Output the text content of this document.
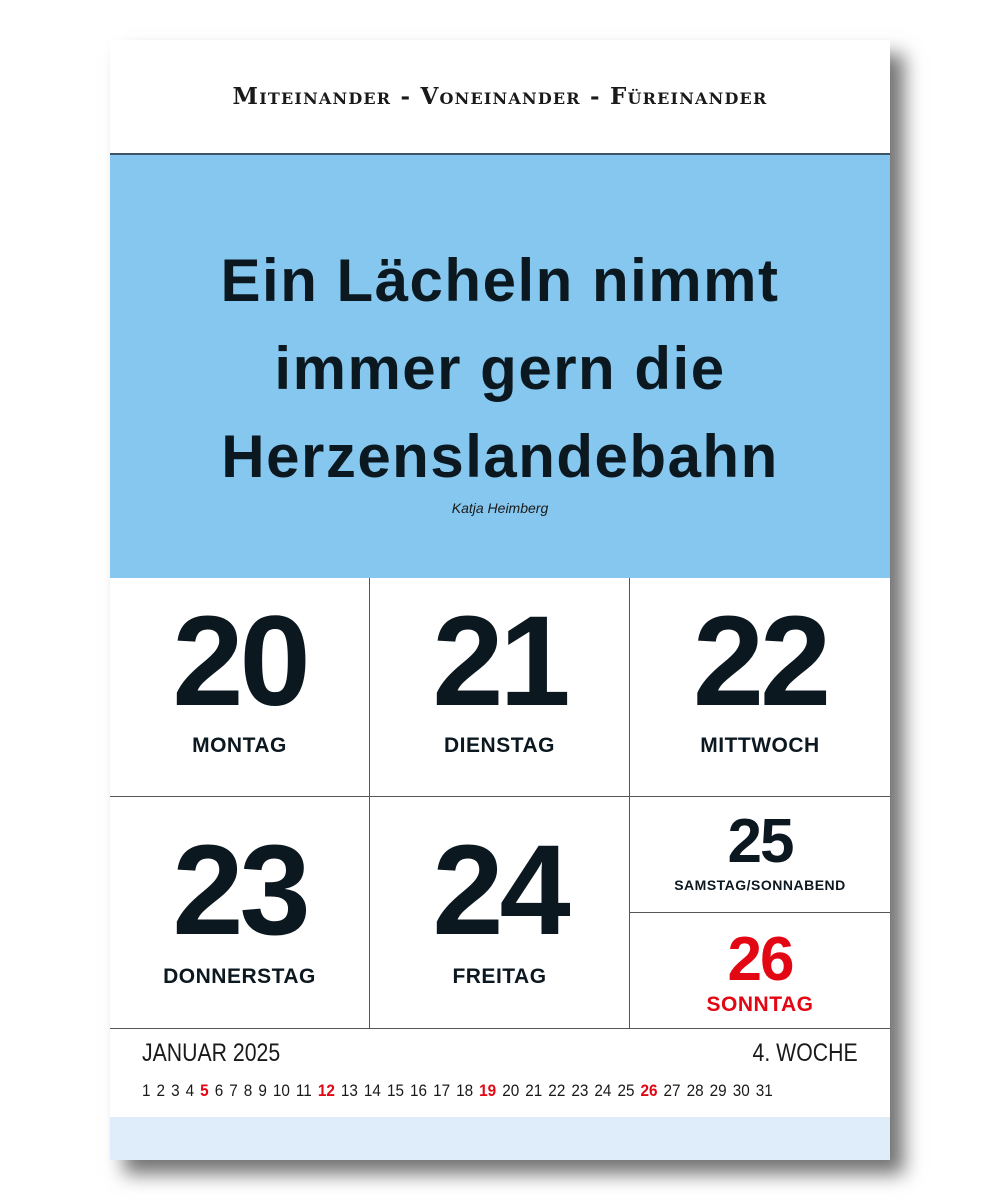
Miteinander - Voneinander - Füreinander
Ein Lächeln nimmt
immer gern die
Herzenslandebahn
Katja Heimberg
20
MONTAG
21
DIENSTAG
22
MITTWOCH
23
DONNERSTAG
24
FREITAG
25
SAMSTAG/SONNABEND
26
SONNTAG
JANUAR 2025	4. WOCHE
1 2 3 4 5 6 7 8 9 10 11 12 13 14 15 16 17 18 19 20 21 22 23 24 25 26 27 28 29 30 31
